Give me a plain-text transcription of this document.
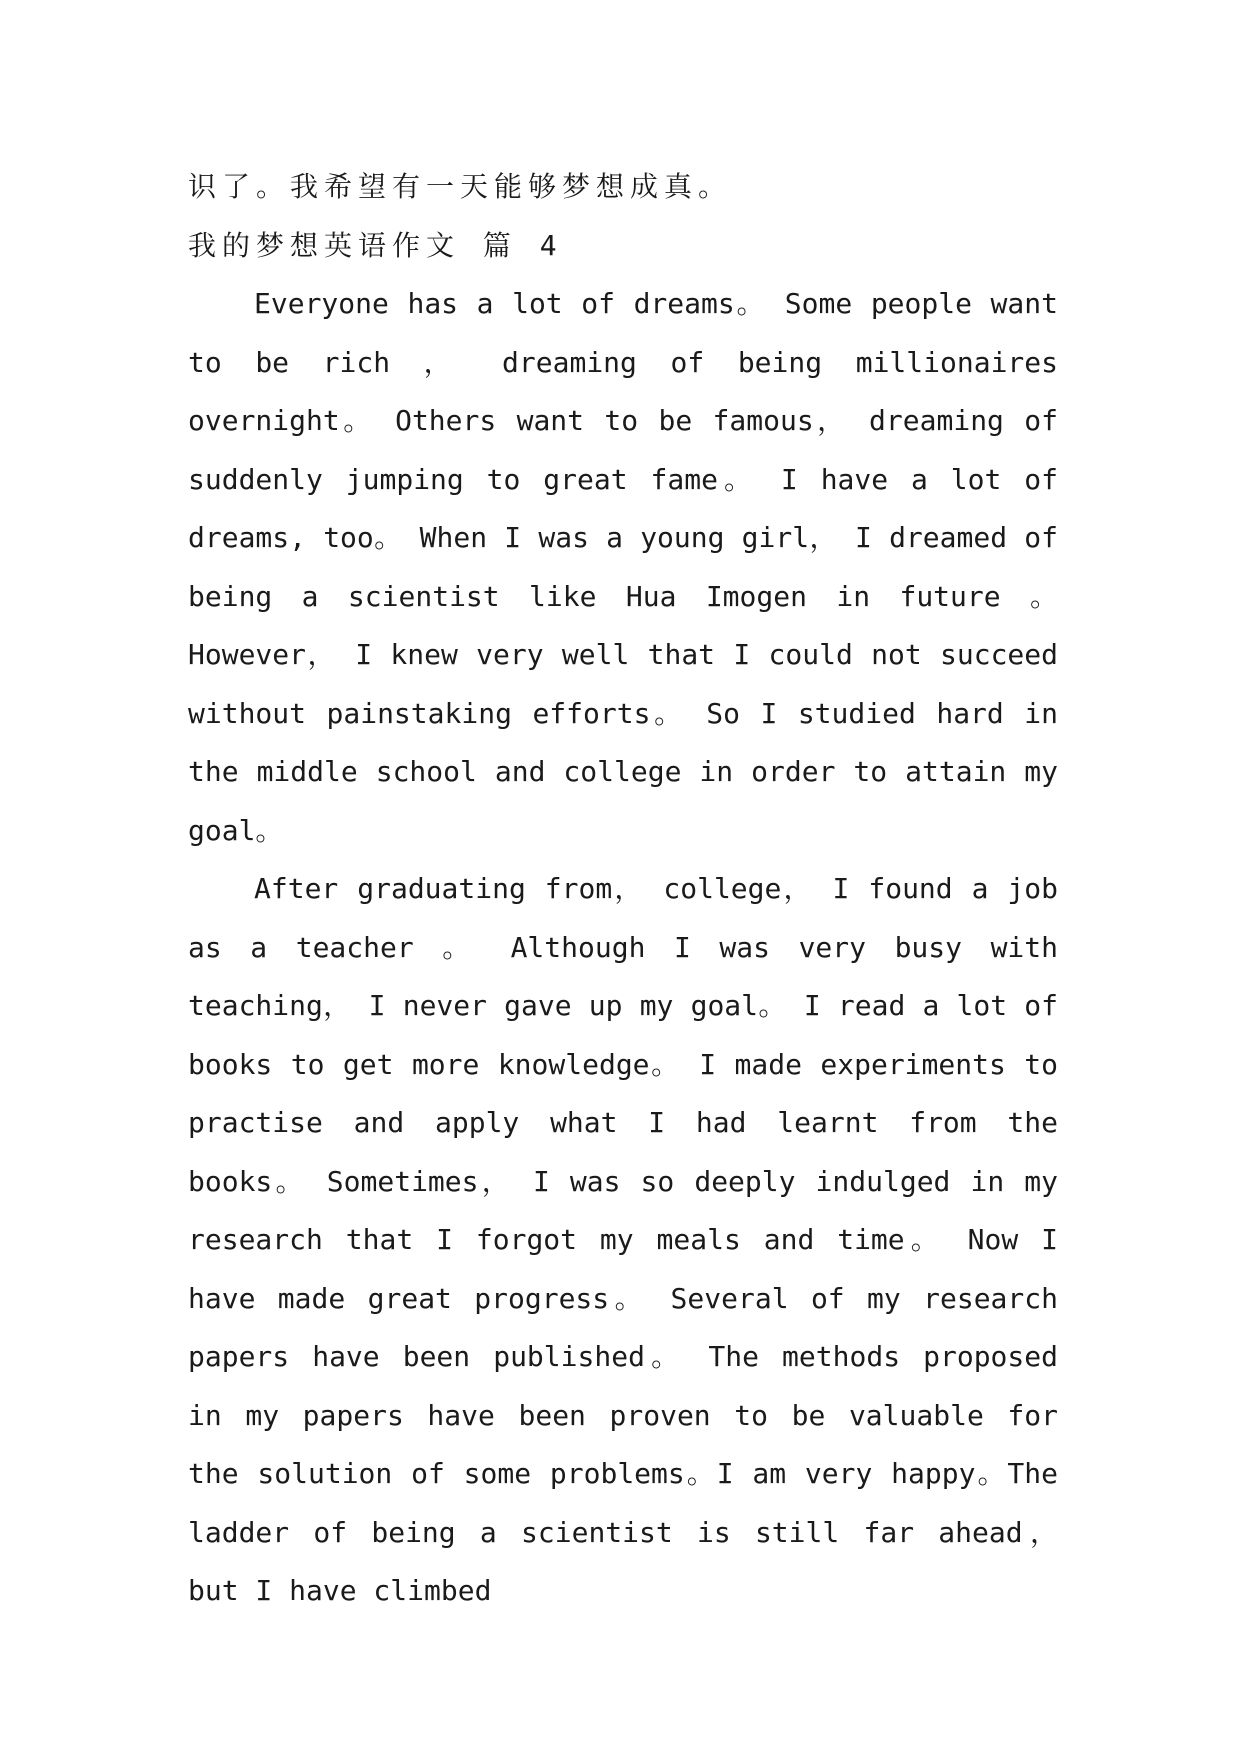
识了。我希望有一天能够梦想成真。

我的梦想英语作文 篇 4

Everyone has a lot of dreams。 Some people want to be rich ， dreaming of being millionaires overnight。 Others want to be famous， dreaming of suddenly jumping to great fame。 I have a lot of dreams, too。 When I was a young girl， I dreamed of being a scientist like Hua Imogen in future 。 However， I knew very well that I could not succeed without painstaking efforts。 So I studied hard in the middle school and college in order to attain my goal。

After graduating from， college， I found a job as a teacher 。 Although I was very busy with teaching， I never gave up my goal。 I read a lot of books to get more knowledge。 I made experiments to practise and apply what I had learnt from the books。 Sometimes， I was so deeply indulged in my research that I forgot my meals and time。 Now I have made great progress。 Several of my research papers have been published。 The methods proposed in my papers have been proven to be valuable for the solution of some problems。I am very happy。The ladder of being a scientist is still far ahead， but I have climbed
